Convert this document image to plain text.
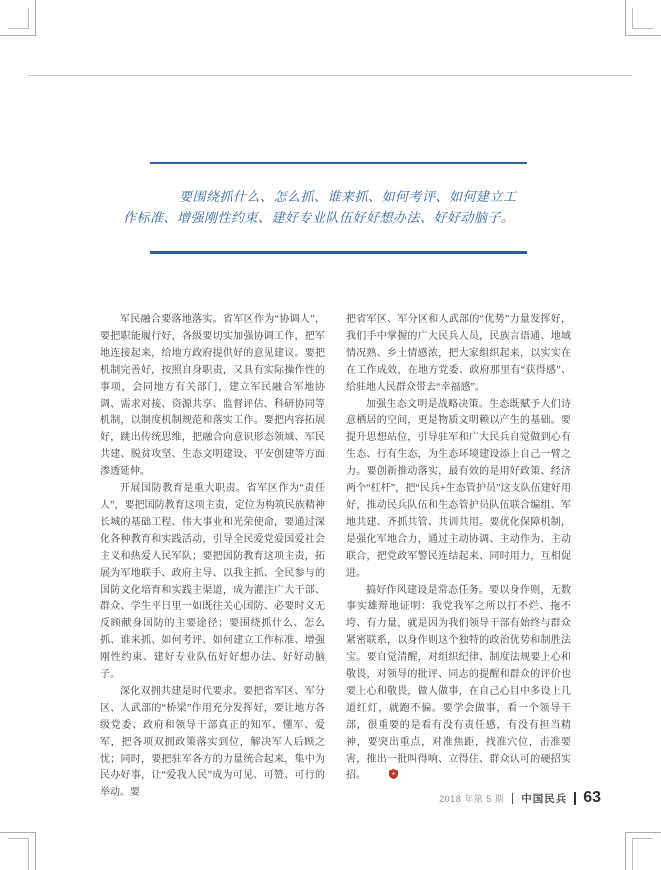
要围绕抓什么、怎么抓、谁来抓、如何考评、如何建立工作标准、增强刚性约束、建好专业队伍好好想办法、好好动脑子。

军民融合要落地落实。省军区作为“协调人”，要把职能履行好，各级要切实加强协调工作，把军地连接起来，给地方政府提供好的意见建议。要把机制完善好，按照自身职责，又具有实际操作性的事项，会同地方有关部门，建立军民融合军地协调、需求对接、资源共享、监督评估、科研协同等机制，以制度机制规范和落实工作。要把内容拓展好，跳出传统思维，把融合向意识形态领域、军民共建、脱贫攻坚、生态文明建设、平安创建等方面渗透延伸。

开展国防教育是重大职责。省军区作为“责任人”，要把国防教育这项主责，定位为构筑民族精神长城的基础工程、伟大事业和光荣使命，要通过深化各种教育和实践活动，引导全民爱党爱国爱社会主义和热爱人民军队；要把国防教育这项主责，拓展为军地联手、政府主导、以我主抓、全民参与的国防文化培育和实践主渠道，成为灌注广大干部、群众、学生平日里一如既往关心国防、必要时义无反顾献身国防的主要途径；要围绕抓什么、怎么抓、谁来抓、如何考评、如何建立工作标准、增强刚性约束、建好专业队伍好好想办法、好好动脑子。

深化双拥共建是时代要求。要把省军区、军分区、人武部的“桥梁”作用充分发挥好，要让地方各级党委、政府和领导干部真正的知军、懂军、爱军，把各项双拥政策落实到位，解决军人后顾之忧；同时，要把驻军各方的力量统合起来，集中为民办好事，让“爱我人民”成为可见、可赞、可行的举动。要

把省军区、军分区和人武部的“优势”力量发挥好，我们手中掌握的广大民兵人员，民族言语通、地域情况熟、乡土情感浓，把大家组织起来，以实实在在工作成效，在地方党委、政府那里有“获得感”、给驻地人民群众带去“幸福感”。

加强生态文明是战略决策。生态既赋予人们诗意栖居的空间，更是物质文明赖以产生的基础。要提升思想站位，引导驻军和广大民兵自觉做到心有生态、行有生态，为生态环境建设添上自己一臂之力。要创新推动落实，最有效的是用好政策、经济两个“杠杆”，把“民兵+生态管护员”这支队伍建好用好，推动民兵队伍和生态管护员队伍联合编组、军地共建、齐抓共管、共训共用。要优化保障机制，是强化军地合力，通过主动协调、主动作为、主动联合，把党政军警民连结起来、同时用力，互相促进。

搞好作风建设是常态任务。要以身作则，无数事实雄辩地证明：我党我军之所以打不烂、拖不垮、有力量，就是因为我们领导干部有始终与群众紧密联系，以身作则这个独特的政治优势和制胜法宝。要自觉清醒，对组织纪律、制度法规要上心和敬畏，对领导的批评、同志的提醒和群众的评价也要上心和敬畏，做人做事，在自己心目中多设上几道红灯，就跑不偏。要学会做事，看一个领导干部，很重要的是看有没有责任感，有没有担当精神，要突出重点，对准焦距，找准穴位，击准要害，推出一批叫得响、立得住、群众认可的硬招实招。

2018 年第 5 期 中国民兵 63
